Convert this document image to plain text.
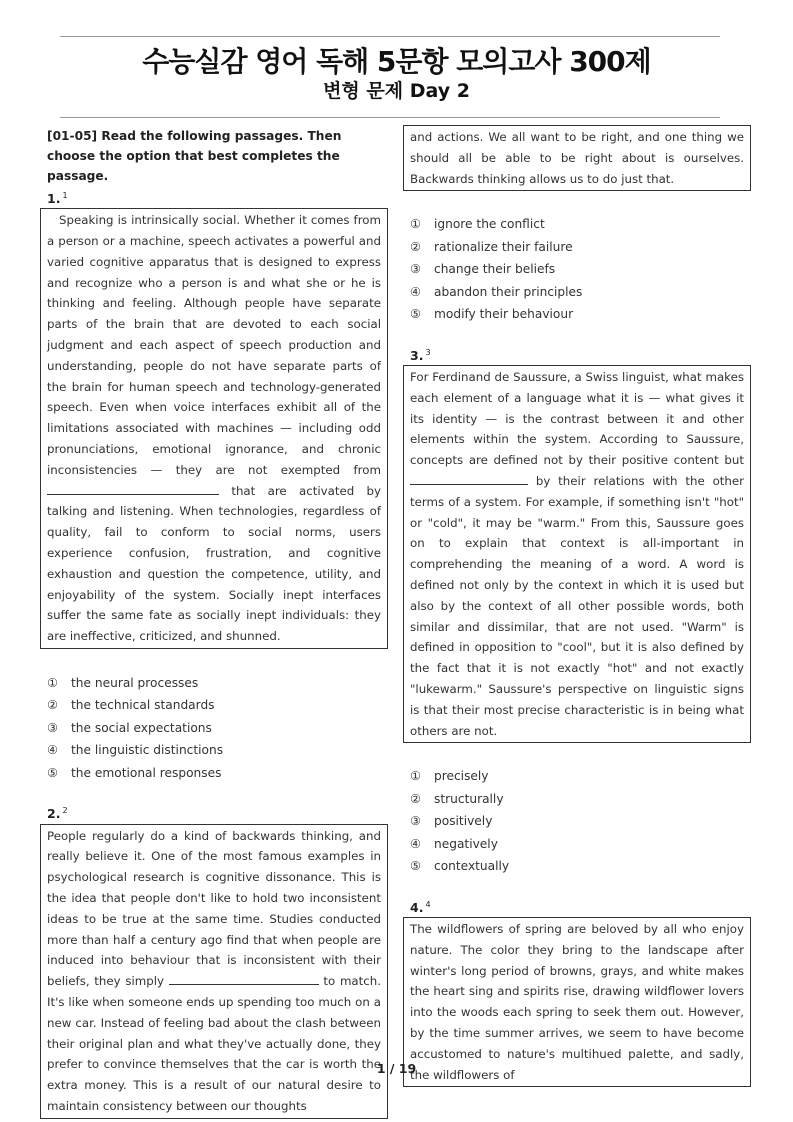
수능실감 영어 독해 5문항 모의고사 300제
변형 문제 Day 2
[01-05] Read the following passages. Then choose the option that best completes the passage.
1. $^1$
Speaking is intrinsically social. Whether it comes from a person or a machine, speech activates a powerful and varied cognitive apparatus that is designed to express and recognize who a person is and what she or he is thinking and feeling. Although people have separate parts of the brain that are devoted to each social judgment and each aspect of speech production and understanding, people do not have separate parts of the brain for human speech and technology-generated speech. Even when voice interfaces exhibit all of the limitations associated with machines — including odd pronunciations, emotional ignorance, and chronic inconsistencies — they are not exempted from  that are activated by talking and listening. When technologies, regardless of quality, fail to conform to social norms, users experience confusion, frustration, and cognitive exhaustion and question the competence, utility, and enjoyability of the system. Socially inept interfaces suffer the same fate as socially inept individuals: they are ineffective, criticized, and shunned.
① the neural processes
② the technical standards
③ the social expectations
④ the linguistic distinctions
⑤ the emotional responses
2. $^2$
People regularly do a kind of backwards thinking, and really believe it. One of the most famous examples in psychological research is cognitive dissonance. This is the idea that people don't like to hold two inconsistent ideas to be true at the same time. Studies conducted more than half a century ago find that when people are induced into behaviour that is inconsistent with their beliefs, they simply	to match. It's like when someone ends up spending too much on a new car. Instead of feeling bad about the clash between their original plan and what they've actually done, they prefer to convince themselves that the car is worth the extra money. This is a result of our natural desire to maintain consistency between our thoughts
and actions. We all want to be right, and one thing we should all be able to be right about is ourselves. Backwards thinking allows us to do just that.
① ignore the conflict
② rationalize their failure
③ change their beliefs
④ abandon their principles
⑤ modify their behaviour
3. $^3$
For Ferdinand de Saussure, a Swiss linguist, what makes each element of a language what it is — what gives it its identity — is the contrast between it and other elements within the system. According to Saussure, concepts are defined not by their positive content but  by their relations with the other terms of a system. For example, if something isn't "hot" or "cold", it may be "warm." From this, Saussure goes on to explain that context is all-important in comprehending the meaning of a word. A word is defined not only by the context in which it is used but also by the context of all other possible words, both similar and dissimilar, that are not used. "Warm" is defined in opposition to "cool", but it is also defined by the fact that it is not exactly "hot" and not exactly "lukewarm." Saussure's perspective on linguistic signs is that their most precise characteristic is in being what others are not.
① precisely
② structurally
③ positively
④ negatively
⑤ contextually
4. $^4$
The wildflowers of spring are beloved by all who enjoy nature. The color they bring to the landscape after winter's long period of browns, grays, and white makes the heart sing and spirits rise, drawing wildflower lovers into the woods each spring to seek them out. However, by the time summer arrives, we seem to have become accustomed to nature's multihued palette, and sadly, the wildflowers of
1 / 19
